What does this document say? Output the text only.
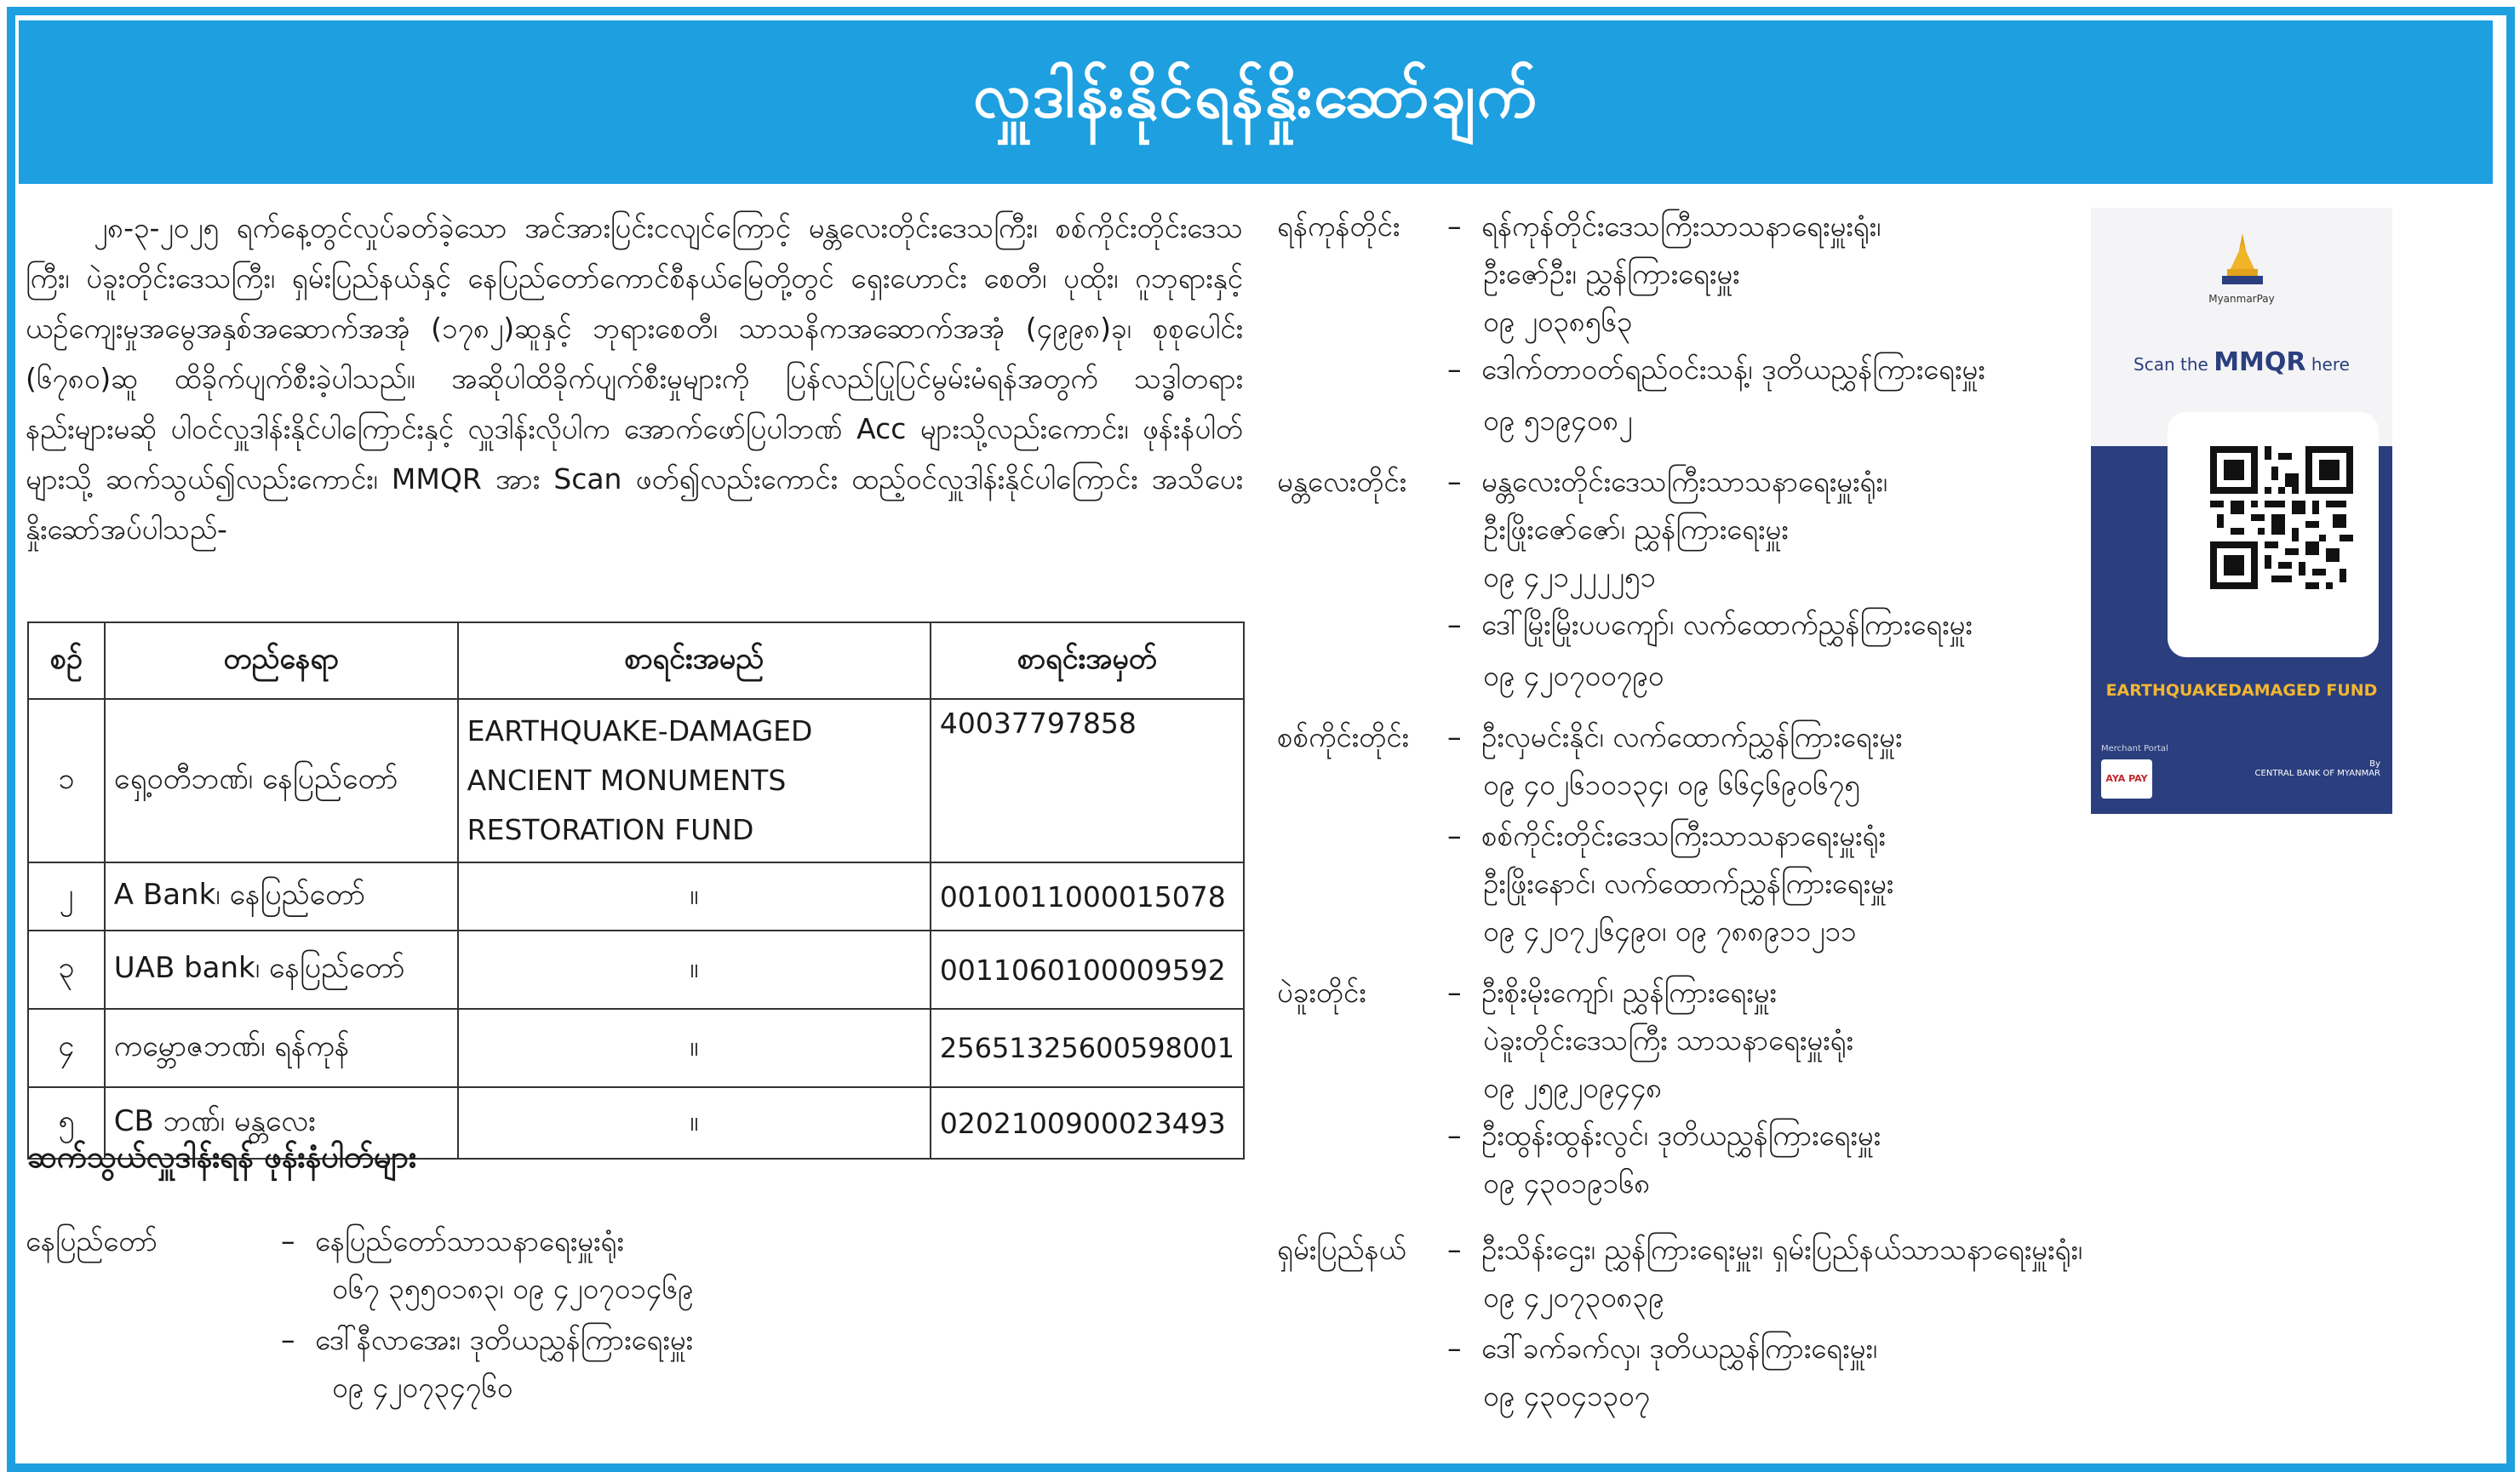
လှူဒါန်းနိုင်ရန်နှိုးဆော်ချက်
၂၈-၃-၂၀၂၅ ရက်နေ့တွင်လှုပ်ခတ်ခဲ့သော အင်အားပြင်းငလျင်ကြောင့် မန္တလေးတိုင်းဒေသကြီး၊ စစ်ကိုင်းတိုင်းဒေသကြီး၊ ပဲခူးတိုင်းဒေသကြီး၊ ရှမ်းပြည်နယ်နှင့် နေပြည်တော်ကောင်စီနယ်မြေတို့တွင် ရှေးဟောင်း စေတီ၊ ပုထိုး၊ ဂူဘုရားနှင့် ယဉ်ကျေးမှုအမွေအနှစ်အဆောက်အအုံ (၁၇၈၂)ဆူနှင့် ဘုရားစေတီ၊ သာသနိကအဆောက်အအုံ (၄၉၉၈)ခု၊ စုစုပေါင်း (၆၇၈၀)ဆူ ထိခိုက်ပျက်စီးခဲ့ပါသည်။ အဆိုပါထိခိုက်ပျက်စီးမှုများကို ပြန်လည်ပြုပြင်မွမ်းမံရန်အတွက် သဒ္ဓါတရားနည်းများမဆို ပါဝင်လှူဒါန်းနိုင်ပါကြောင်းနှင့် လှူဒါန်းလိုပါက အောက်ဖော်ပြပါဘဏ် Acc များသို့လည်းကောင်း၊ ဖုန်းနံပါတ်များသို့ ဆက်သွယ်၍လည်းကောင်း၊ MMQR အား Scan ဖတ်၍လည်းကောင်း ထည့်ဝင်လှူဒါန်းနိုင်ပါကြောင်း အသိပေးနှိုးဆော်အပ်ပါသည်-
စဉ်	တည်နေရာ	စာရင်းအမည်	စာရင်းအမှတ်
၁	ရှေ့ဝတီဘဏ်၊ နေပြည်တော်	EARTHQUAKE-DAMAGED ANCIENT MONUMENTS RESTORATION FUND	40037797858
၂	A Bank၊ နေပြည်တော်	။	0010011000015078
၃	UAB bank၊ နေပြည်တော်	။	0011060100009592
၄	ကမ္ဘောဇဘဏ်၊ ရန်ကုန်	။	25651325600598001
၅	CB ဘဏ်၊ မန္တလေး	။	0202100900023493
ဆက်သွယ်လှူဒါန်းရန် ဖုန်းနံပါတ်များ
နေပြည်တော်	– နေပြည်တော်သာသနာရေးမှူးရုံး
၀၆၇ ၃၅၅၀၁၈၃၊ ၀၉ ၄၂၀၇၀၁၄၆၉
– ဒေါ်နီလာအေး၊ ဒုတိယညွှန်ကြားရေးမှူး
၀၉ ၄၂၀၇၃၄၇၆၀
ရန်ကုန်တိုင်း – ရန်ကုန်တိုင်းဒေသကြီးသာသနာရေးမှူးရုံး၊
ဦးဇော်ဦး၊ ညွှန်ကြားရေးမှူး
၀၉ ၂၀၃၈၅၆၃
– ဒေါက်တာဝတ်ရည်ဝင်းသန့်၊ ဒုတိယညွှန်ကြားရေးမှူး
၀၉ ၅၁၉၄၀၈၂
မန္တလေးတိုင်း – မန္တလေးတိုင်းဒေသကြီးသာသနာရေးမှူးရုံး၊
ဦးဖြိုးဇော်ဇော်၊ ညွှန်ကြားရေးမှူး
၀၉ ၄၂၁၂၂၂၂၅၁
– ဒေါ်မြိုးမြိုးပပကျော်၊ လက်ထောက်ညွှန်ကြားရေးမှူး
၀၉ ၄၂၀၇၀၀၇၉၀
စစ်ကိုင်းတိုင်း – ဦးလှမင်းနိုင်၊ လက်ထောက်ညွှန်ကြားရေးမှူး
၀၉ ၄၀၂၆၁၀၁၃၄၊ ၀၉ ၆၆၄၆၉၀၆၇၅
– စစ်ကိုင်းတိုင်းဒေသကြီးသာသနာရေးမှူးရုံး
ဦးဖြိုးနောင်၊ လက်ထောက်ညွှန်ကြားရေးမှူး
၀၉ ၄၂၀၇၂၆၄၉၀၊ ၀၉ ၇၈၈၉၁၁၂၁၁
ပဲခူးတိုင်း	– ဦးစိုးမိုးကျော်၊ ညွှန်ကြားရေးမှူး
ပဲခူးတိုင်းဒေသကြီး သာသနာရေးမှူးရုံး
၀၉ ၂၅၉၂၀၉၄၄၈
– ဦးထွန်းထွန်းလွင်၊ ဒုတိယညွှန်ကြားရေးမှူး
၀၉ ၄၃၀၁၉၁၆၈
ရှမ်းပြည်နယ် – ဦးသိန်းဌေး၊ ညွှန်ကြားရေးမှူး၊ ရှမ်းပြည်နယ်သာသနာရေးမှူးရုံး၊
၀၉ ၄၂၀၇၃၀၈၃၉
– ဒေါ်ခက်ခက်လှ၊ ဒုတိယညွှန်ကြားရေးမှူး၊
၀၉ ၄၃၀၄၁၃၀၇
MyanmarPay
Scan the MMQR here
EARTHQUAKEDAMAGED FUND
Merchant Portal
AYA PAY
By
CENTRAL BANK OF MYANMAR
